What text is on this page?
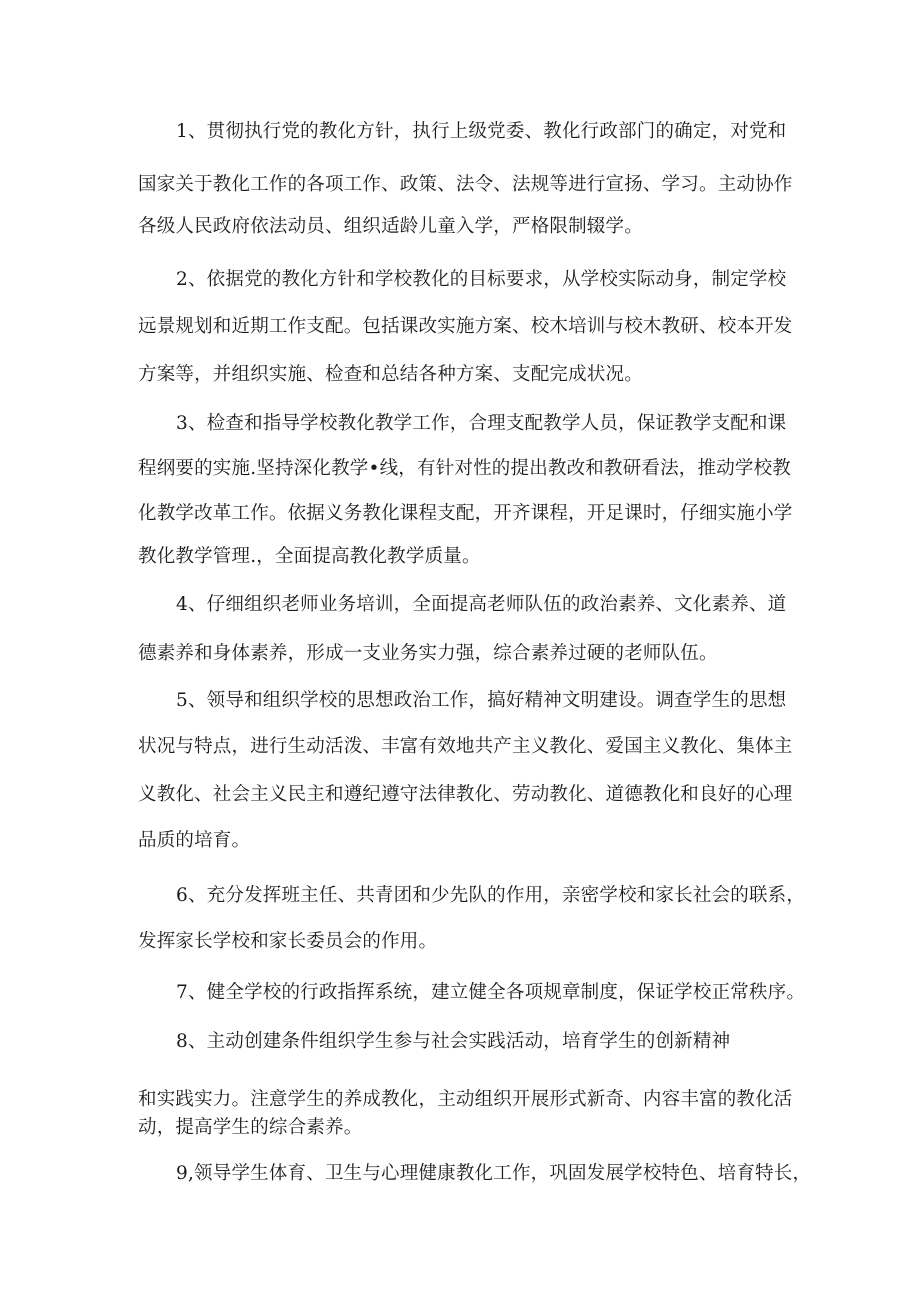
1、贯彻执行党的教化方针，执行上级党委、教化行政部门的确定，对党和

国家关于教化工作的各项工作、政策、法令、法规等进行宣扬、学习。主动协作

各级人民政府依法动员、组织适龄儿童入学，严格限制辍学。

2、依据党的教化方针和学校教化的目标要求，从学校实际动身，制定学校

远景规划和近期工作支配。包括课改实施方案、校木培训与校木教研、校本开发

方案等，并组织实施、检查和总结各种方案、支配完成状况。

3、检查和指导学校教化教学工作，合理支配教学人员，保证教学支配和课

程纲要的实施.坚持深化教学•线，有针对性的提出教改和教研看法，推动学校教

化教学改革工作。依据义务教化课程支配，开齐课程，开足课时，仔细实施小学

教化教学管理.，全面提高教化教学质量。

4、仔细组织老师业务培训，全面提高老师队伍的政治素养、文化素养、道

德素养和身体素养，形成一支业务实力强，综合素养过硬的老师队伍。

5、领导和组织学校的思想政治工作，搞好精神文明建设。调查学生的思想

状况与特点，进行生动活泼、丰富有效地共产主义教化、爱国主义教化、集体主

义教化、社会主义民主和遵纪遵守法律教化、劳动教化、道德教化和良好的心理

品质的培育。

6、充分发挥班主任、共青团和少先队的作用，亲密学校和家长社会的联系，

发挥家长学校和家长委员会的作用。

7、健全学校的行政指挥系统，建立健全各项规章制度，保证学校正常秩序。

8、主动创建条件组织学生参与社会实践活动，培育学生的创新精神

和实践实力。注意学生的养成教化，主动组织开展形式新奇、内容丰富的教化活

动，提高学生的综合素养。

9,领导学生体育、卫生与心理健康教化工作，巩固发展学校特色、培育特长，
